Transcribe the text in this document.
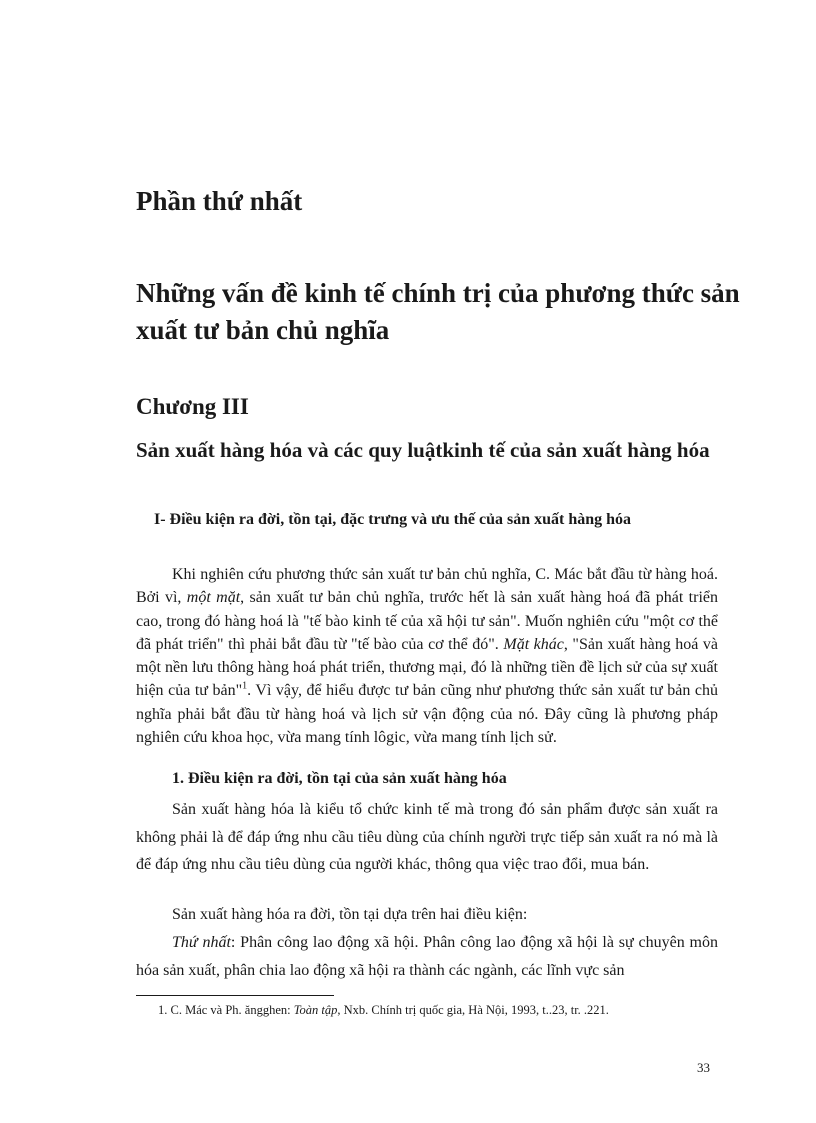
Phần thứ nhất
Những vấn đề kinh tế chính trị của phương thức sản xuất tư bản chủ nghĩa
Chương III
Sản xuất hàng hóa và các quy luậtkinh tế của sản xuất hàng hóa
I- Điều kiện ra đời, tồn tại, đặc trưng và ưu thế của sản xuất hàng hóa

Khi nghiên cứu phương thức sản xuất tư bản chủ nghĩa, C. Mác bắt đầu từ hàng hoá. Bởi vì, một mặt, sản xuất tư bản chủ nghĩa, trước hết là sản xuất hàng hoá đã phát triển cao, trong đó hàng hoá là "tế bào kinh tế của xã hội tư sản". Muốn nghiên cứu "một cơ thể đã phát triển" thì phải bắt đầu từ "tế bào của cơ thể đó". Mặt khác, "Sản xuất hàng hoá và một nền lưu thông hàng hoá phát triển, thương mại, đó là những tiền đề lịch sử của sự xuất hiện của tư bản"$^1$. Vì vậy, để hiểu được tư bản cũng như phương thức sản xuất tư bản chủ nghĩa phải bắt đầu từ hàng hoá và lịch sử vận động của nó. Đây cũng là phương pháp nghiên cứu khoa học, vừa mang tính lôgic, vừa mang tính lịch sử.

1. Điều kiện ra đời, tồn tại của sản xuất hàng hóa

Sản xuất hàng hóa là kiểu tổ chức kinh tế mà trong đó sản phẩm được sản xuất ra không phải là để đáp ứng nhu cầu tiêu dùng của chính người trực tiếp sản xuất ra nó mà là để đáp ứng nhu cầu tiêu dùng của người khác, thông qua việc trao đổi, mua bán.

Sản xuất hàng hóa ra đời, tồn tại dựa trên hai điều kiện:

Thứ nhất: Phân công lao động xã hội. Phân công lao động xã hội là sự chuyên môn hóa sản xuất, phân chia lao động xã hội ra thành các ngành, các lĩnh vực sản

1. C. Mác và Ph. ăngghen: Toàn tập, Nxb. Chính trị quốc gia, Hà Nội, 1993, t..23, tr. .221.

33
